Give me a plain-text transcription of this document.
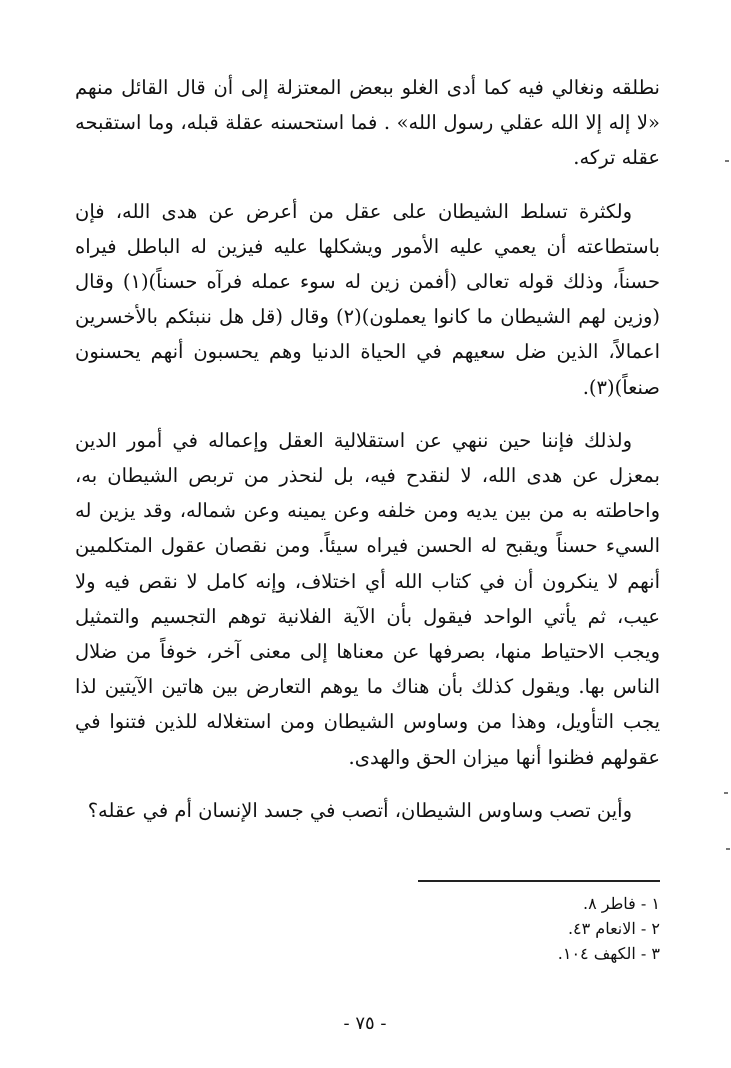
نطلقه ونغالي فيه كما أدى الغلو ببعض المعتزلة إلى أن قال القائل منهم «لا إله إلا الله عقلي رسول الله» . فما استحسنه عقلة قبله، وما استقبحه عقله تركه.

ولكثرة تسلط الشيطان على عقل من أعرض عن هدى الله، فإن باستطاعته أن يعمي عليه الأمور ويشكلها عليه فيزين له الباطل فيراه حسناً، وذلك قوله تعالى (أفمن زين له سوء عمله فرآه حسناً)(١) وقال (وزين لهم الشيطان ما كانوا يعملون)(٢) وقال (قل هل ننبئكم بالأخسرين اعمالاً، الذين ضل سعيهم في الحياة الدنيا وهم يحسبون أنهم يحسنون صنعاً)(٣).

ولذلك فإننا حين ننهي عن استقلالية العقل وإعماله في أمور الدين بمعزل عن هدى الله، لا لنقدح فيه، بل لنحذر من تربص الشيطان به، واحاطته به من بين يديه ومن خلفه وعن يمينه وعن شماله، وقد يزين له السيء حسناً ويقبح له الحسن فيراه سيئاً. ومن نقصان عقول المتكلمين أنهم لا ينكرون أن في كتاب الله أي اختلاف، وإنه كامل لا نقص فيه ولا عيب، ثم يأتي الواحد فيقول بأن الآية الفلانية توهم التجسيم والتمثيل ويجب الاحتياط منها، بصرفها عن معناها إلى معنى آخر، خوفاً من ضلال الناس بها. ويقول كذلك بأن هناك ما يوهم التعارض بين هاتين الآيتين لذا يجب التأويل، وهذا من وساوس الشيطان ومن استغلاله للذين فتنوا في عقولهم فظنوا أنها ميزان الحق والهدى.

وأين تصب وساوس الشيطان، أتصب في جسد الإنسان أم في عقله؟

١ - فاطر ٨.
٢ - الانعام ٤٣.
٣ - الكهف ١٠٤.
- ٧٥ -
